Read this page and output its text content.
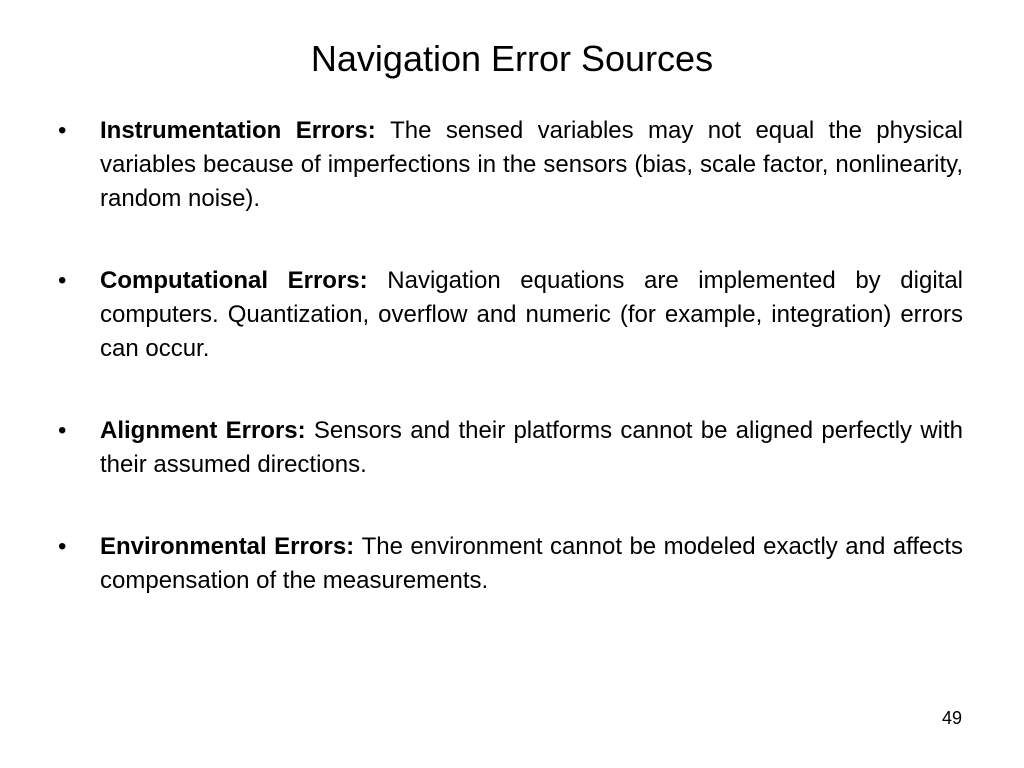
Navigation Error Sources
•	Instrumentation Errors: The sensed variables may not equal the physical variables because of imperfections in the sensors (bias, scale factor, nonlinearity, random noise).
•	Computational Errors: Navigation equations are implemented by digital computers. Quantization, overflow and numeric (for example, integration) errors can occur.
•	Alignment Errors: Sensors and their platforms cannot be aligned perfectly with their assumed directions.
•	Environmental Errors: The environment cannot be modeled exactly and affects compensation of the measurements.
49
